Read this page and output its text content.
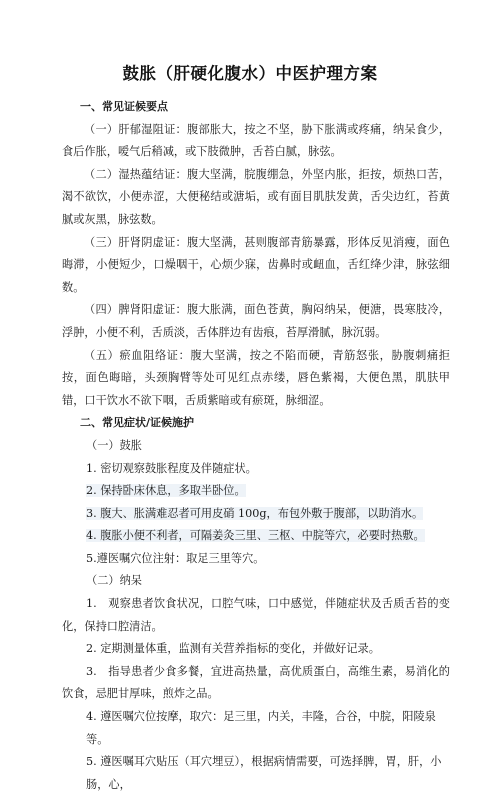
鼓胀（肝硬化腹水）中医护理方案
一、常见证候要点
（一）肝郁湿阻证：腹部胀大，按之不坚，胁下胀满或疼痛，纳呆食少，食后作胀，嗳气后稍减，或下肢微肿，舌苔白腻，脉弦。
（二）湿热蕴结证：腹大坚满，脘腹绷急，外坚内胀，拒按，烦热口苦，渴不欲饮，小便赤涩，大便秘结或溏垢，或有面目肌肤发黄，舌尖边红，苔黄腻或灰黑，脉弦数。
（三）肝肾阴虚证：腹大坚满，甚则腹部青筋暴露，形体反见消瘦，面色晦滞，小便短少，口燥咽干，心烦少寐，齿鼻时或衄血，舌红绛少津，脉弦细数。
（四）脾肾阳虚证：腹大胀满，面色苍黄，胸闷纳呆，便溏，畏寒肢冷，浮肿，小便不利，舌质淡，舌体胖边有齿痕，苔厚滑腻，脉沉弱。
（五）瘀血阻络证：腹大坚满，按之不陷而硬，青筋怒张，胁腹刺痛拒按，面色晦暗，头颈胸臂等处可见红点赤缕，唇色紫褐，大便色黑，肌肤甲错，口干饮水不欲下咽，舌质紫暗或有瘀斑，脉细涩。
二、常见症状/证候施护
（一）鼓胀
1. 密切观察鼓胀程度及伴随症状。
2. 保持卧床休息，多取半卧位。
3. 腹大、胀满难忍者可用皮硝 100g，布包外敷于腹部，以助消水。
4. 腹胀小便不利者，可隔姜灸三里、三枢、中脘等穴，必要时热敷。
5.遵医嘱穴位注射：取足三里等穴。
（二）纳呆
1.　观察患者饮食状况，口腔气味，口中感觉，伴随症状及舌质舌苔的变化，保持口腔清洁。
2. 定期测量体重，监测有关营养指标的变化，并做好记录。
3.　指导患者少食多餐，宜进高热量，高优质蛋白，高维生素，易消化的饮食，忌肥甘厚味，煎炸之品。
4. 遵医嘱穴位按摩，取穴：足三里，内关，丰隆，合谷，中脘，阳陵泉等。
5. 遵医嘱耳穴贴压（耳穴埋豆），根据病情需要，可选择脾，胃，肝，小肠，心，
